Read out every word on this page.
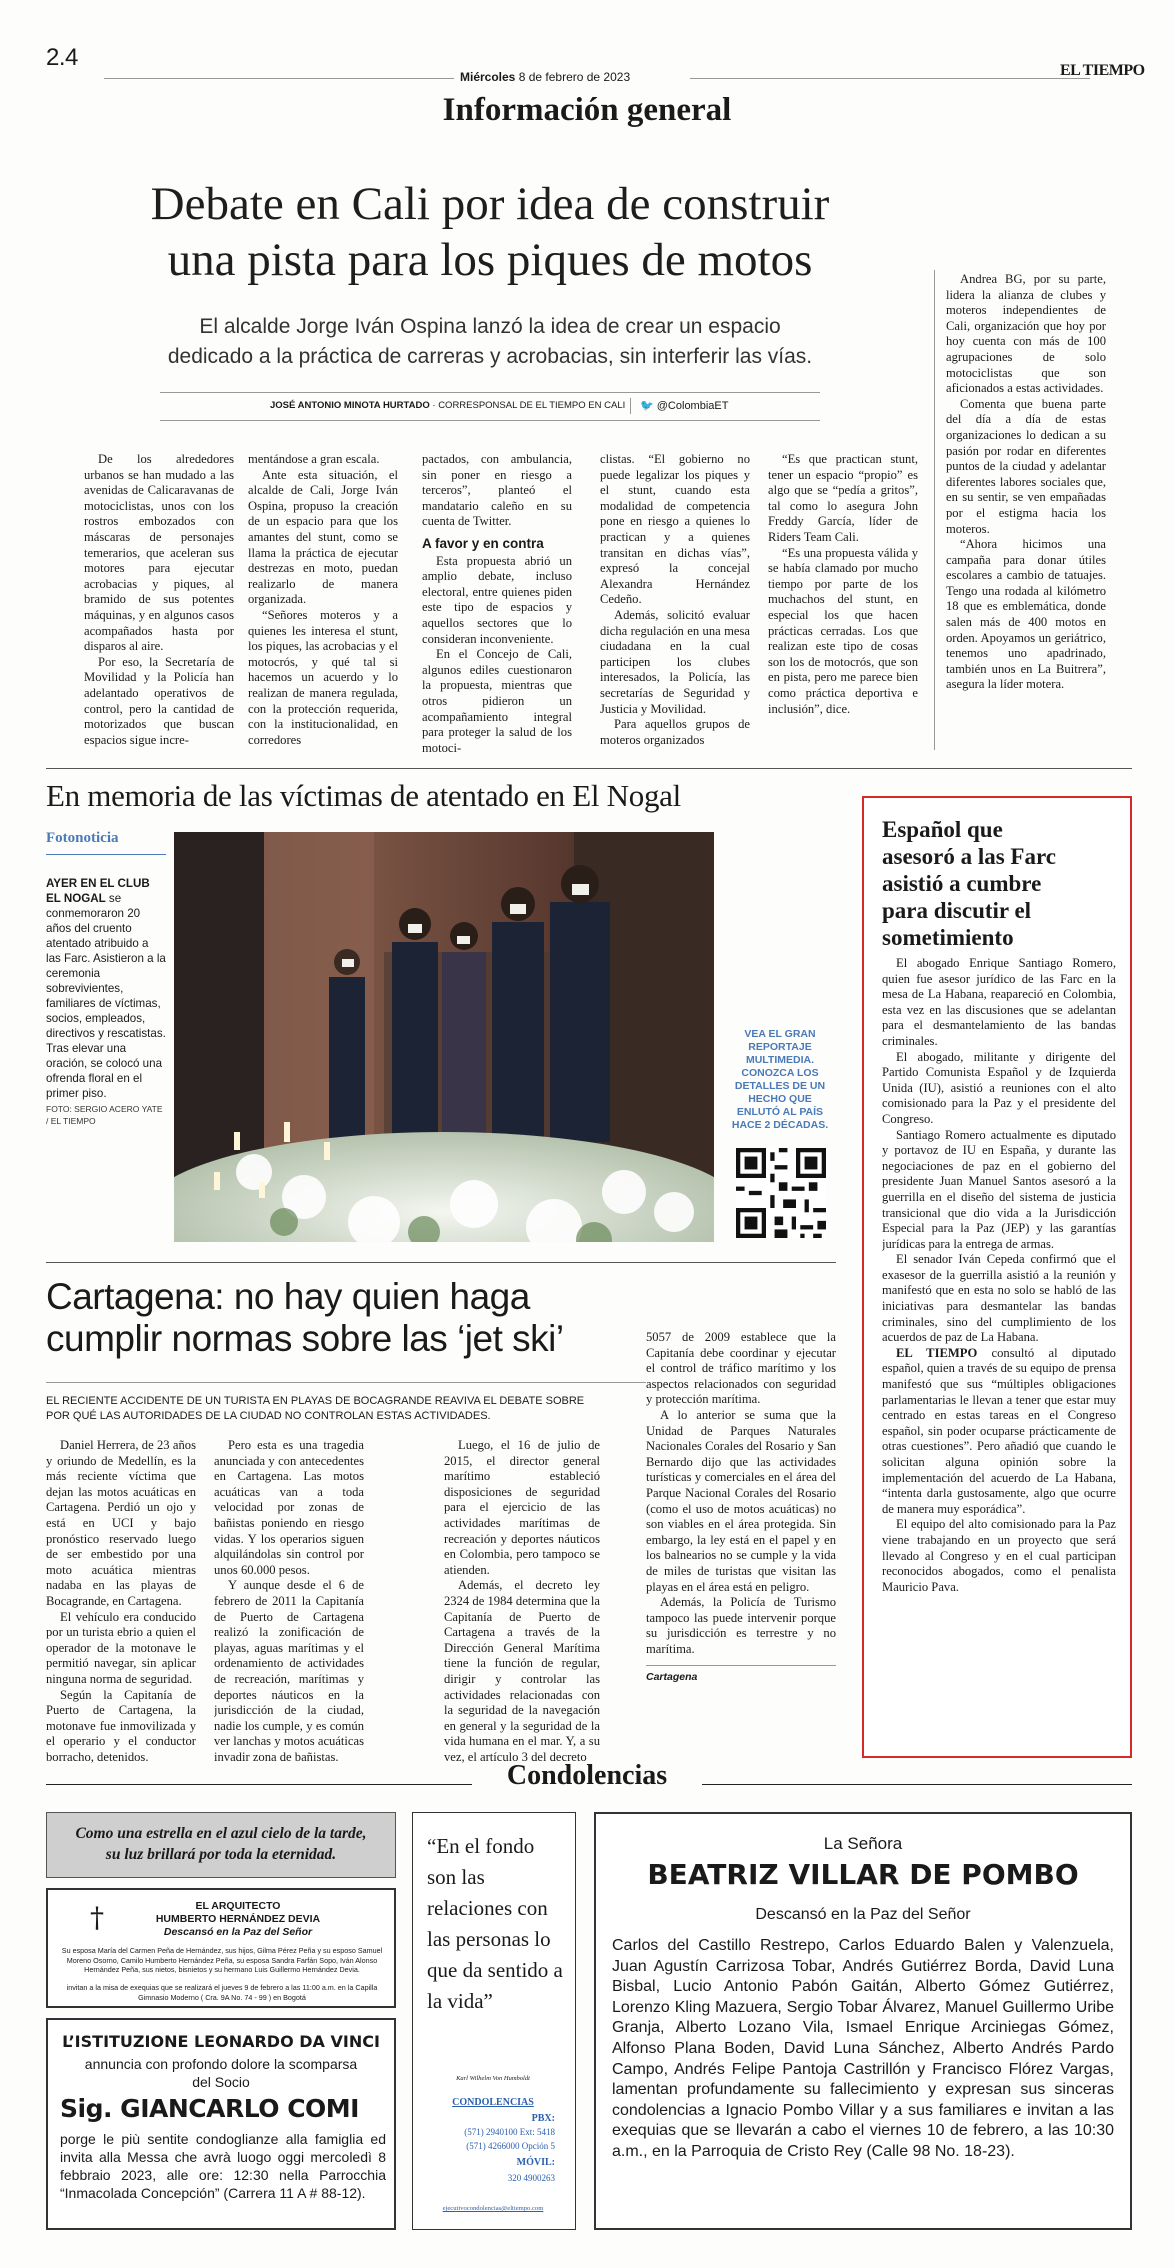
2.4
Miércoles 8 de febrero de 2023	EL TIEMPO
Información general
Debate en Cali por idea de construir
una pista para los piques de motos
El alcalde Jorge Iván Ospina lanzó la idea de crear un espacio
dedicado a la práctica de carreras y acrobacias, sin interferir las vías.
JOSÉ ANTONIO MINOTA HURTADO · CORRESPONSAL DE EL TIEMPO EN CALI 🐦 @ColombiaET

De los alrededores urbanos se han mudado a las avenidas de Calicaravanas de motociclistas, unos con los rostros embozados con máscaras de personajes temerarios, que aceleran sus motores para ejecutar acrobacias y piques, al bramido de sus potentes máquinas, y en algunos casos acompañados hasta por disparos al aire.

Por eso, la Secretaría de Movilidad y la Policía han adelantado operativos de control, pero la cantidad de motorizados que buscan espacios sigue incre-

mentándose a gran escala.

Ante esta situación, el alcalde de Cali, Jorge Iván Ospina, propuso la creación de un espacio para que los amantes del stunt, como se llama la práctica de ejecutar destrezas en moto, puedan realizarlo de manera organizada.

“Señores moteros y a quienes les interesa el stunt, los piques, las acrobacias y el motocrós, y qué tal si hacemos un acuerdo y lo realizan de manera regulada, con la protección requerida, con la institucionalidad, en corredores

pactados, con ambulancia, sin poner en riesgo a terceros”, planteó el mandatario caleño en su cuenta de Twitter.

A favor y en contra

Esta propuesta abrió un amplio debate, incluso electoral, entre quienes piden este tipo de espacios y aquellos sectores que lo consideran inconveniente.

En el Concejo de Cali, algunos ediles cuestionaron la propuesta, mientras que otros pidieron un acompañamiento integral para proteger la salud de los motoci-

clistas. “El gobierno no puede legalizar los piques y el stunt, cuando esta modalidad de competencia pone en riesgo a quienes lo practican y a quienes transitan en dichas vías”, expresó la concejal Alexandra Hernández Cedeño.

Además, solicitó evaluar dicha regulación en una mesa ciudadana en la cual participen los clubes interesados, la Policía, las secretarías de Seguridad y Justicia y Movilidad.

Para aquellos grupos de moteros organizados

“Es que practican stunt, tener un espacio “propio” es algo que se “pedía a gritos”, tal como lo asegura John Freddy García, líder de Riders Team Cali.

“Es una propuesta válida y se había clamado por mucho tiempo por parte de los muchachos del stunt, en especial los que hacen prácticas cerradas. Los que realizan este tipo de cosas son los de motocrós, que son en pista, pero me parece bien como práctica deportiva e inclusión”, dice.

Andrea BG, por su parte, lidera la alianza de clubes y moteros independientes de Cali, organización que hoy por hoy cuenta con más de 100 agrupaciones de solo motociclistas que son aficionados a estas actividades.

Comenta que buena parte del día a día de estas organizaciones lo dedican a su pasión por rodar en diferentes puntos de la ciudad y adelantar diferentes labores sociales que, en su sentir, se ven empañadas por el estigma hacia los moteros.

“Ahora hicimos una campaña para donar útiles escolares a cambio de tatuajes. Tengo una rodada al kilómetro 18 que es emblemática, donde salen más de 400 motos en orden. Apoyamos un geriátrico, tenemos uno apadrinado, también unos en La Buitrera”, asegura la líder motera.

En memoria de las víctimas de atentado en El Nogal
Fotonoticia
AYER EN EL CLUB EL NOGAL se conmemoraron 20 años del cruento atentado atribuido a las Farc. Asistieron a la ceremonia sobrevivientes, familiares de víctimas, socios, empleados, directivos y rescatistas. Tras elevar una oración, se colocó una ofrenda floral en el primer piso.
FOTO: SERGIO ACERO YATE / EL TIEMPO
VEA EL GRAN REPORTAJE MULTIMEDIA. CONOZCA LOS DETALLES DE UN HECHO QUE ENLUTÓ AL PAÍS HACE 2 DÉCADAS.
Cartagena: no hay quien haga
cumplir normas sobre las ‘jet ski’
EL RECIENTE ACCIDENTE DE UN TURISTA EN PLAYAS DE BOCAGRANDE REAVIVA EL DEBATE SOBRE POR QUÉ LAS AUTORIDADES DE LA CIUDAD NO CONTROLAN ESTAS ACTIVIDADES.

Daniel Herrera, de 23 años y oriundo de Medellín, es la más reciente víctima que dejan las motos acuáticas en Cartagena. Perdió un ojo y está en UCI y bajo pronóstico reservado luego de ser embestido por una moto acuática mientras nadaba en las playas de Bocagrande, en Cartagena.

El vehículo era conducido por un turista ebrio a quien el operador de la motonave le permitió navegar, sin aplicar ninguna norma de seguridad.

Según la Capitanía de Puerto de Cartagena, la motonave fue inmovilizada y el operario y el conductor borracho, detenidos.

Pero esta es una tragedia anunciada y con antecedentes en Cartagena. Las motos acuáticas van a toda velocidad por zonas de bañistas poniendo en riesgo vidas. Y los operarios siguen alquilándolas sin control por unos 60.000 pesos.

Y aunque desde el 6 de febrero de 2011 la Capitanía de Puerto de Cartagena realizó la zonificación de playas, aguas marítimas y el ordenamiento de actividades de recreación, marítimas y deportes náuticos en la jurisdicción de la ciudad, nadie los cumple, y es común ver lanchas y motos acuáticas invadir zona de bañistas.

Luego, el 16 de julio de 2015, el director general marítimo estableció disposiciones de seguridad para el ejercicio de las actividades marítimas de recreación y deportes náuticos en Colombia, pero tampoco se atienden.

Además, el decreto ley 2324 de 1984 determina que la Capitanía de Puerto de Cartagena a través de la Dirección General Marítima tiene la función de regular, dirigir y controlar las actividades relacionadas con la seguridad de la navegación en general y la seguridad de la vida humana en el mar. Y, a su vez, el artículo 3 del decreto

5057 de 2009 establece que la Capitanía debe coordinar y ejecutar el control de tráfico marítimo y los aspectos relacionados con seguridad y protección marítima.

A lo anterior se suma que la Unidad de Parques Naturales Nacionales Corales del Rosario y San Bernardo dijo que las actividades turísticas y comerciales en el área del Parque Nacional Corales del Rosario (como el uso de motos acuáticas) no son viables en el área protegida. Sin embargo, la ley está en el papel y en los balnearios no se cumple y la vida de miles de turistas que visitan las playas en el área está en peligro.

Además, la Policía de Turismo tampoco las puede intervenir porque su jurisdicción es terrestre y no marítima.

Cartagena
Español que
asesoró a las Farc
asistió a cumbre
para discutir el
sometimiento

El abogado Enrique Santiago Romero, quien fue asesor jurídico de las Farc en la mesa de La Habana, reapareció en Colombia, esta vez en las discusiones que se adelantan para el desmantelamiento de las bandas criminales.

El abogado, militante y dirigente del Partido Comunista Español y de Izquierda Unida (IU), asistió a reuniones con el alto comisionado para la Paz y el presidente del Congreso.

Santiago Romero actualmente es diputado y portavoz de IU en España, y durante las negociaciones de paz en el gobierno del presidente Juan Manuel Santos asesoró a la guerrilla en el diseño del sistema de justicia transicional que dio vida a la Jurisdicción Especial para la Paz (JEP) y las garantías jurídicas para la entrega de armas.

El senador Iván Cepeda confirmó que el exasesor de la guerrilla asistió a la reunión y manifestó que en esta no solo se habló de las iniciativas para desmantelar las bandas criminales, sino del cumplimiento de los acuerdos de paz de La Habana.

EL TIEMPO consultó al diputado español, quien a través de su equipo de prensa manifestó que sus “múltiples obligaciones parlamentarias le llevan a tener que estar muy centrado en estas tareas en el Congreso español, sin poder ocuparse prácticamente de otras cuestiones”. Pero añadió que cuando le solicitan alguna opinión sobre la implementación del acuerdo de La Habana, “intenta darla gustosamente, algo que ocurre de manera muy esporádica”.

El equipo del alto comisionado para la Paz viene trabajando en un proyecto que será llevado al Congreso y en el cual participan reconocidos abogados, como el penalista Mauricio Pava.

Condolencias
Como una estrella en el azul cielo de la tarde,
su luz brillará por toda la eternidad.
†	EL ARQUITECTO
HUMBERTO HERNÁNDEZ DEVIA
Descansó en la Paz del Señor
Su esposa María del Carmen Peña de Hernández, sus hijos, Gilma Pérez Peña y su esposo Samuel Moreno Osorno, Camilo Humberto Hernández Peña, su esposa Sandra Farfán Sopo, Iván Alonso Hernández Peña, sus nietos, bisnietos y su hermano Luis Guillermo Hernández Devia.
invitan a la misa de exequias que se realizará el jueves 9 de febrero a las 11:00 a.m. en la Capilla Gimnasio Moderno ( Cra. 9A No. 74 - 99 ) en Bogotá
L’ISTITUZIONE LEONARDO DA VINCI
annuncia con profondo dolore la scomparsa
del Socio
Sig. GIANCARLO COMI
porge le più sentite condoglianze alla famiglia ed invita alla Messa che avrà luogo oggi mercoledì 8 febbraio 2023, alle ore: 12:30 nella Parrocchia “Inmacolada Concepción” (Carrera 11 A # 88-12).
“En el fondo son las relaciones con las personas lo que da sentido a la vida”
Karl Wilhelm Von Humboldt
CONDOLENCIAS
PBX:
(571) 2940100 Ext: 5418
(571) 4266000 Opción 5
MÓVIL:
320 4900263
ejecutivocondolencias@eltiempo.com
La Señora
BEATRIZ VILLAR DE POMBO
Descansó en la Paz del Señor
Carlos del Castillo Restrepo, Carlos Eduardo Balen y Valenzuela, Juan Agustín Carrizosa Tobar, Andrés Gutiérrez Borda, David Luna Bisbal, Lucio Antonio Pabón Gaitán, Alberto Gómez Gutiérrez, Lorenzo Kling Mazuera, Sergio Tobar Álvarez, Manuel Guillermo Uribe Granja, Alberto Lozano Vila, Ismael Enrique Arciniegas Gómez, Alfonso Plana Boden, David Luna Sánchez, Alberto Andrés Pardo Campo, Andrés Felipe Pantoja Castrillón y Francisco Flórez Vargas, lamentan profundamente su fallecimiento y expresan sus sinceras condolencias a Ignacio Pombo Villar y a sus familiares e invitan a las exequias que se llevarán a cabo el viernes 10 de febrero, a las 10:30 a.m., en la Parroquia de Cristo Rey (Calle 98 No. 18-23).
